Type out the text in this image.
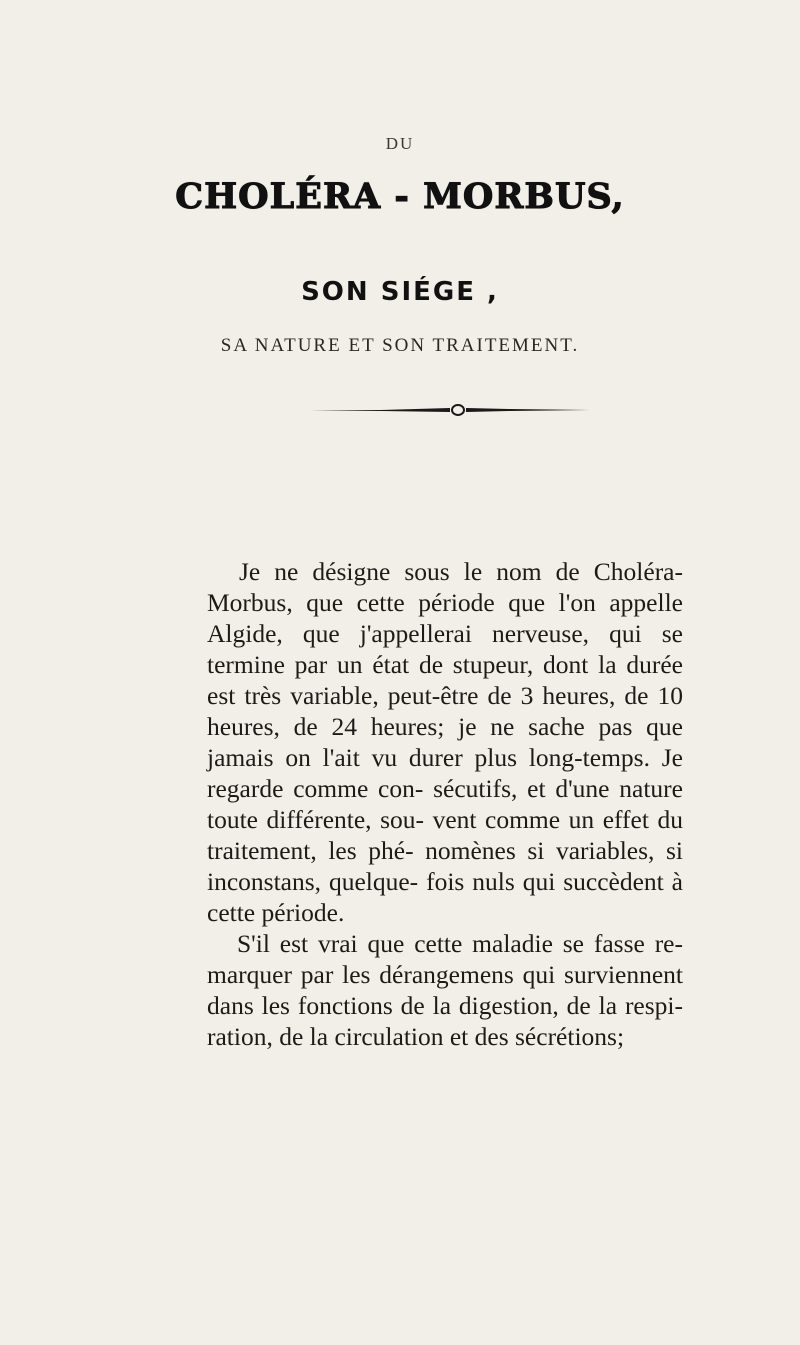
DU
CHOLÉRA - MORBUS,
SON SIÉGE ,
SA NATURE ET SON TRAITEMENT.

Je ne désigne sous le nom de Choléra-Morbus, que cette période que l'on appelle Algide, que j'appellerai nerveuse, qui se termine par un état de stupeur, dont la durée est très variable, peut-être de 3 heures, de 10 heures, de 24 heures; je ne sache pas que jamais on l'ait vu durer plus long-temps. Je regarde comme con- sécutifs, et d'une nature toute différente, sou- vent comme un effet du traitement, les phé- nomènes si variables, si inconstans, quelque- fois nuls qui succèdent à cette période.

S'il est vrai que cette maladie se fasse re- marquer par les dérangemens qui surviennent dans les fonctions de la digestion, de la respi- ration, de la circulation et des sécrétions;
